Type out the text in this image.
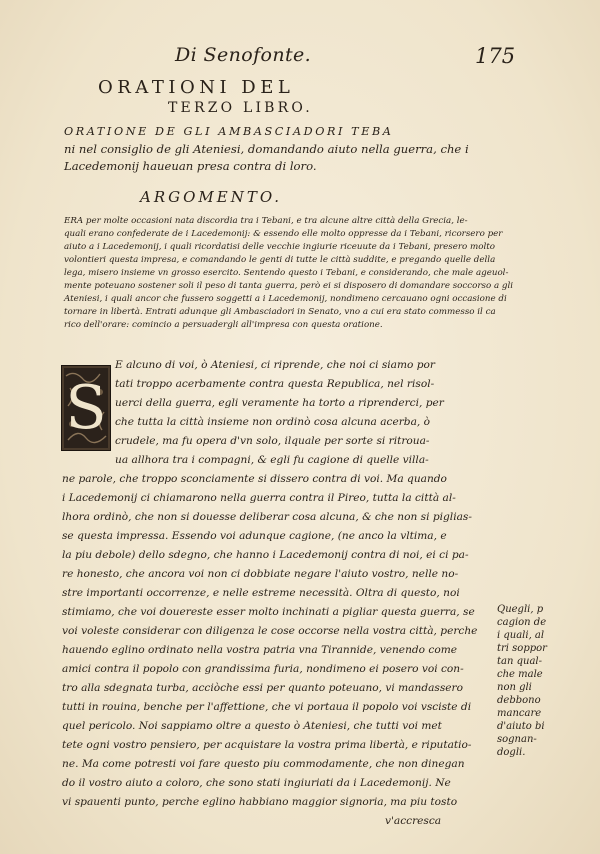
Di Senofonte.	175
ORATIONI DEL
TERZO LIBRO.
ORATIONE DE GLI AMBASCIADORI TEBA
ni nel consiglio de gli Ateniesi, domandando aiuto nella guerra, che i
Lacedemonij haueuan presa contra di loro.
ARGOMENTO.
ERA per molte occasioni nata discordia tra i Tebani, e tra alcune altre città della Grecia, le-
quali erano confederate de i Lacedemonij: & essendo elle molto oppresse da i Tebani, ricorsero per
aiuto a i Lacedemonij, i quali ricordatisi delle vecchie ingiurie riceuute da i Tebani, presero molto
volontieri questa impresa, e comandando le genti di tutte le città suddite, e pregando quelle della
lega, misero insieme vn grosso esercito. Sentendo questo i Tebani, e considerando, che male ageuol-
mente poteuano sostener soli il peso di tanta guerra, però ei si disposero di domandare soccorso a gli
Ateniesi, i quali ancor che fussero soggetti a i Lacedemonij, nondimeno cercauano ogni occasione di
tornare in libertà. Entrati adunque gli Ambasciadori in Senato, vno a cui era stato commesso il ca
rico dell'orare: comincio a persuadergli all'impresa con questa oratione.
S
E alcuno di voi, ò Ateniesi, ci riprende, che noi ci siamo por
tati troppo acerbamente contra questa Republica, nel risol-
uerci della guerra, egli veramente ha torto a riprenderci, per
che tutta la città insieme non ordinò cosa alcuna acerba, ò
crudele, ma fu opera d'vn solo, ilquale per sorte si ritroua-
ua allhora tra i compagni, & egli fu cagione di quelle villa-
ne parole, che troppo sconciamente si dissero contra di voi. Ma quando
i Lacedemonij ci chiamarono nella guerra contra il Pireo, tutta la città al-
lhora ordinò, che non si douesse deliberar cosa alcuna, & che non si piglias-
se questa impressa. Essendo voi adunque cagione, (ne anco la vltima, e
la piu debole) dello sdegno, che hanno i Lacedemonij contra di noi, ei ci pa-
re honesto, che ancora voi non ci dobbiate negare l'aiuto vostro, nelle no-
stre importanti occorrenze, e nelle estreme necessità. Oltra di questo, noi
stimiamo, che voi douereste esser molto inchinati a pigliar questa guerra, se
voi voleste considerar con diligenza le cose occorse nella vostra città, perche
hauendo eglino ordinato nella vostra patria vna Tirannide, venendo come
amici contra il popolo con grandissima furia, nondimeno ei posero voi con-
tro alla sdegnata turba, acciòche essi per quanto poteuano, vi mandassero
tutti in rouina, benche per l'affettione, che vi portaua il popolo voi vsciste di
quel pericolo. Noi sappiamo oltre a questo ò Ateniesi, che tutti voi met
tete ogni vostro pensiero, per acquistare la vostra prima libertà, e riputatio-
ne. Ma come potresti voi fare questo piu commodamente, che non dinegan
do il vostro aiuto a coloro, che sono stati ingiuriati da i Lacedemonij. Ne
vi spauenti punto, perche eglino habbiano maggior signoria, ma piu tosto
v'accresca
Quegli, p
cagion de
i quali, al
tri soppor
tan qual-
che male
non gli
debbono
mancare
d'aiuto bi
sognan-
dogli.
